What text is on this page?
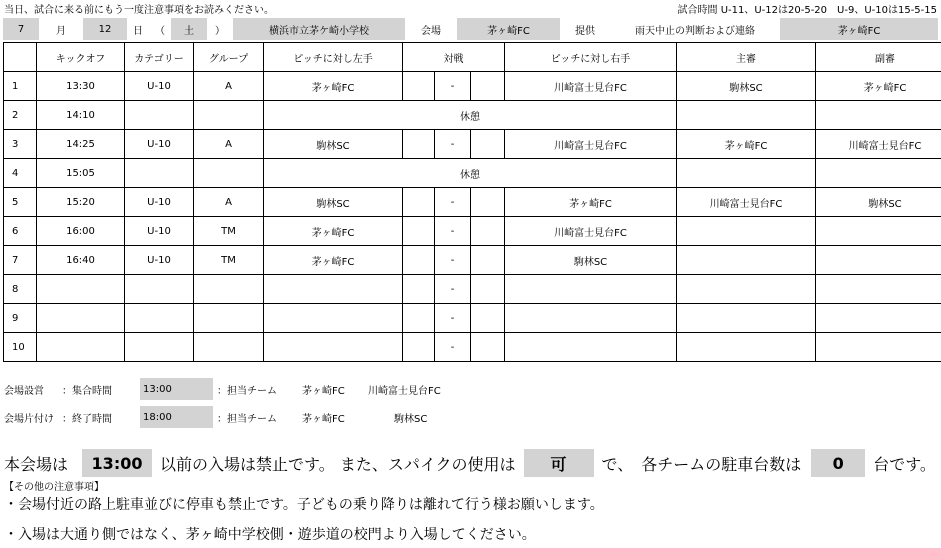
当日、試合に来る前にもう一度注意事項をお読みください。	試合時間 U-11、U-12は20-5-20　U-9、U-10は15-5-15
7	月	12	日	（	土	）	横浜市立茅ケ崎小学校	会場	茅ヶ崎FC	提供	雨天中止の判断および連絡	茅ヶ崎FC
	キックオフ	カテゴリー	グループ	ピッチに対し左手	対戦			ピッチに対し右手	主審	副審
1	13:30	U-10	A	茅ヶ崎FC		-		川崎富士見台FC	駒林SC	茅ヶ崎FC
2	14:10			休憩						
3	14:25	U-10	A	駒林SC		-		川崎富士見台FC	茅ヶ崎FC	川崎富士見台FC
4	15:05			休憩						
5	15:20	U-10	A	駒林SC		-		茅ヶ崎FC	川崎富士見台FC	駒林SC
6	16:00	U-10	TM	茅ヶ崎FC		-		川崎富士見台FC		
7	16:40	U-10	TM	茅ヶ崎FC		-		駒林SC		
8						-				
9						-				
10						-				
会場設営	：集合時間	13:00	：担当チーム	茅ヶ崎FC	川崎富士見台FC
会場片付け ：終了時間	18:00	：担当チーム	茅ヶ崎FC	駒林SC
本会場は	13:00	以前の入場は禁止です。 また、スパイクの使用は	可	で、　各チームの駐車台数は	0	台です。
【その他の注意事項】
・会場付近の路上駐車並びに停車も禁止です。子どもの乗り降りは離れて行う様お願いします。
・入場は大通り側ではなく、茅ヶ崎中学校側・遊歩道の校門より入場してください。
